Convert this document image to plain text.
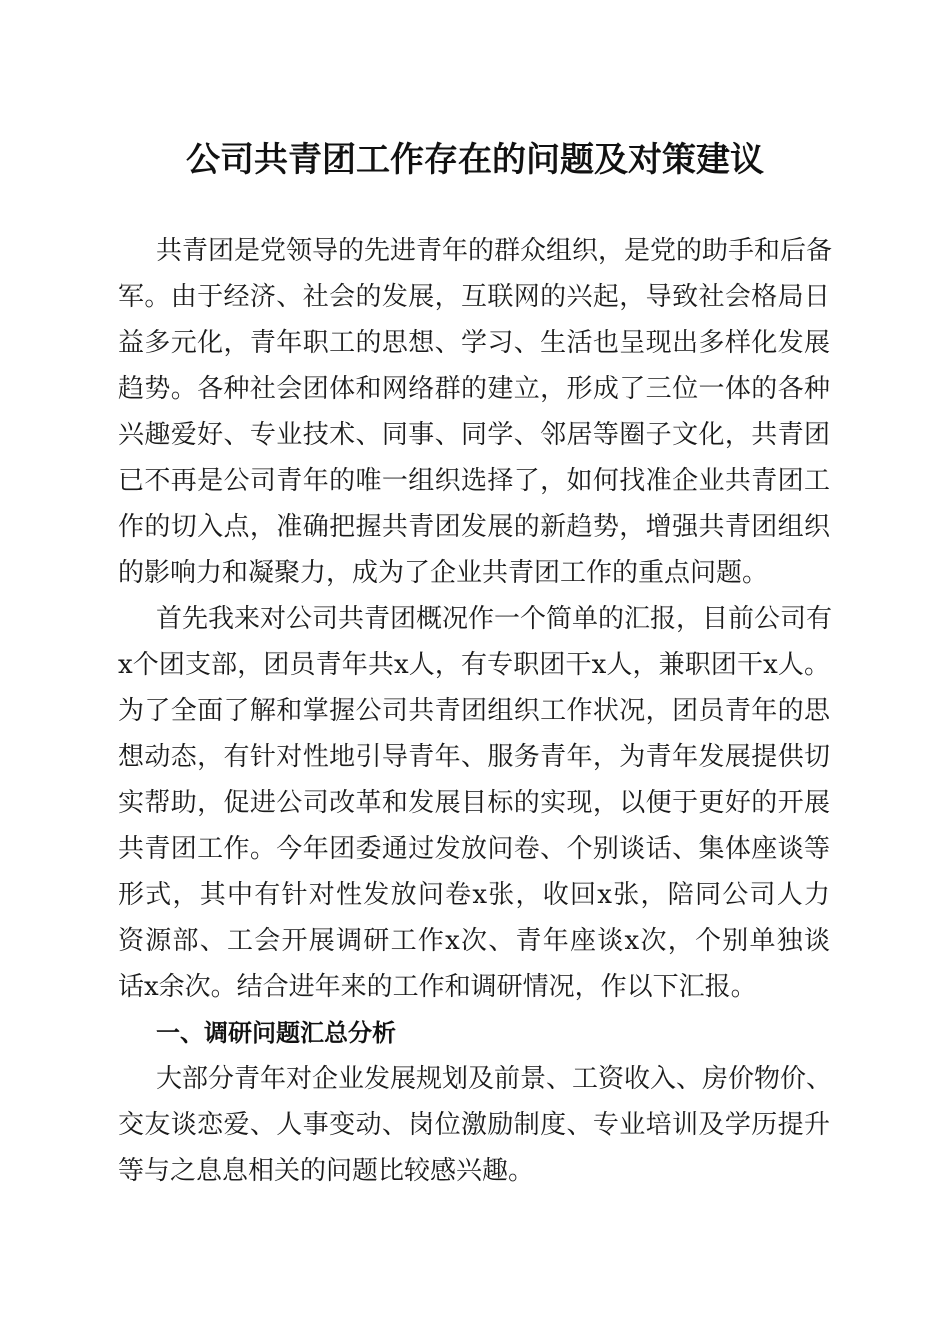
公司共青团工作存在的问题及对策建议
共青团是党领导的先进青年的群众组织，是党的助手和后备
军。由于经济、社会的发展，互联网的兴起，导致社会格局日
益多元化，青年职工的思想、学习、生活也呈现出多样化发展
趋势。各种社会团体和网络群的建立，形成了三位一体的各种
兴趣爱好、专业技术、同事、同学、邻居等圈子文化，共青团
已不再是公司青年的唯一组织选择了，如何找准企业共青团工
作的切入点，准确把握共青团发展的新趋势，增强共青团组织
的影响力和凝聚力，成为了企业共青团工作的重点问题。
首先我来对公司共青团概况作一个简单的汇报，目前公司有
x个团支部，团员青年共x人，有专职团干x人，兼职团干x人。
为了全面了解和掌握公司共青团组织工作状况，团员青年的思
想动态，有针对性地引导青年、服务青年，为青年发展提供切
实帮助，促进公司改革和发展目标的实现，以便于更好的开展
共青团工作。今年团委通过发放问卷、个别谈话、集体座谈等
形式，其中有针对性发放问卷x张，收回x张，陪同公司人力
资源部、工会开展调研工作x次、青年座谈x次，个别单独谈
话x余次。结合进年来的工作和调研情况，作以下汇报。
一、调研问题汇总分析
大部分青年对企业发展规划及前景、工资收入、房价物价、
交友谈恋爱、人事变动、岗位激励制度、专业培训及学历提升
等与之息息相关的问题比较感兴趣。
